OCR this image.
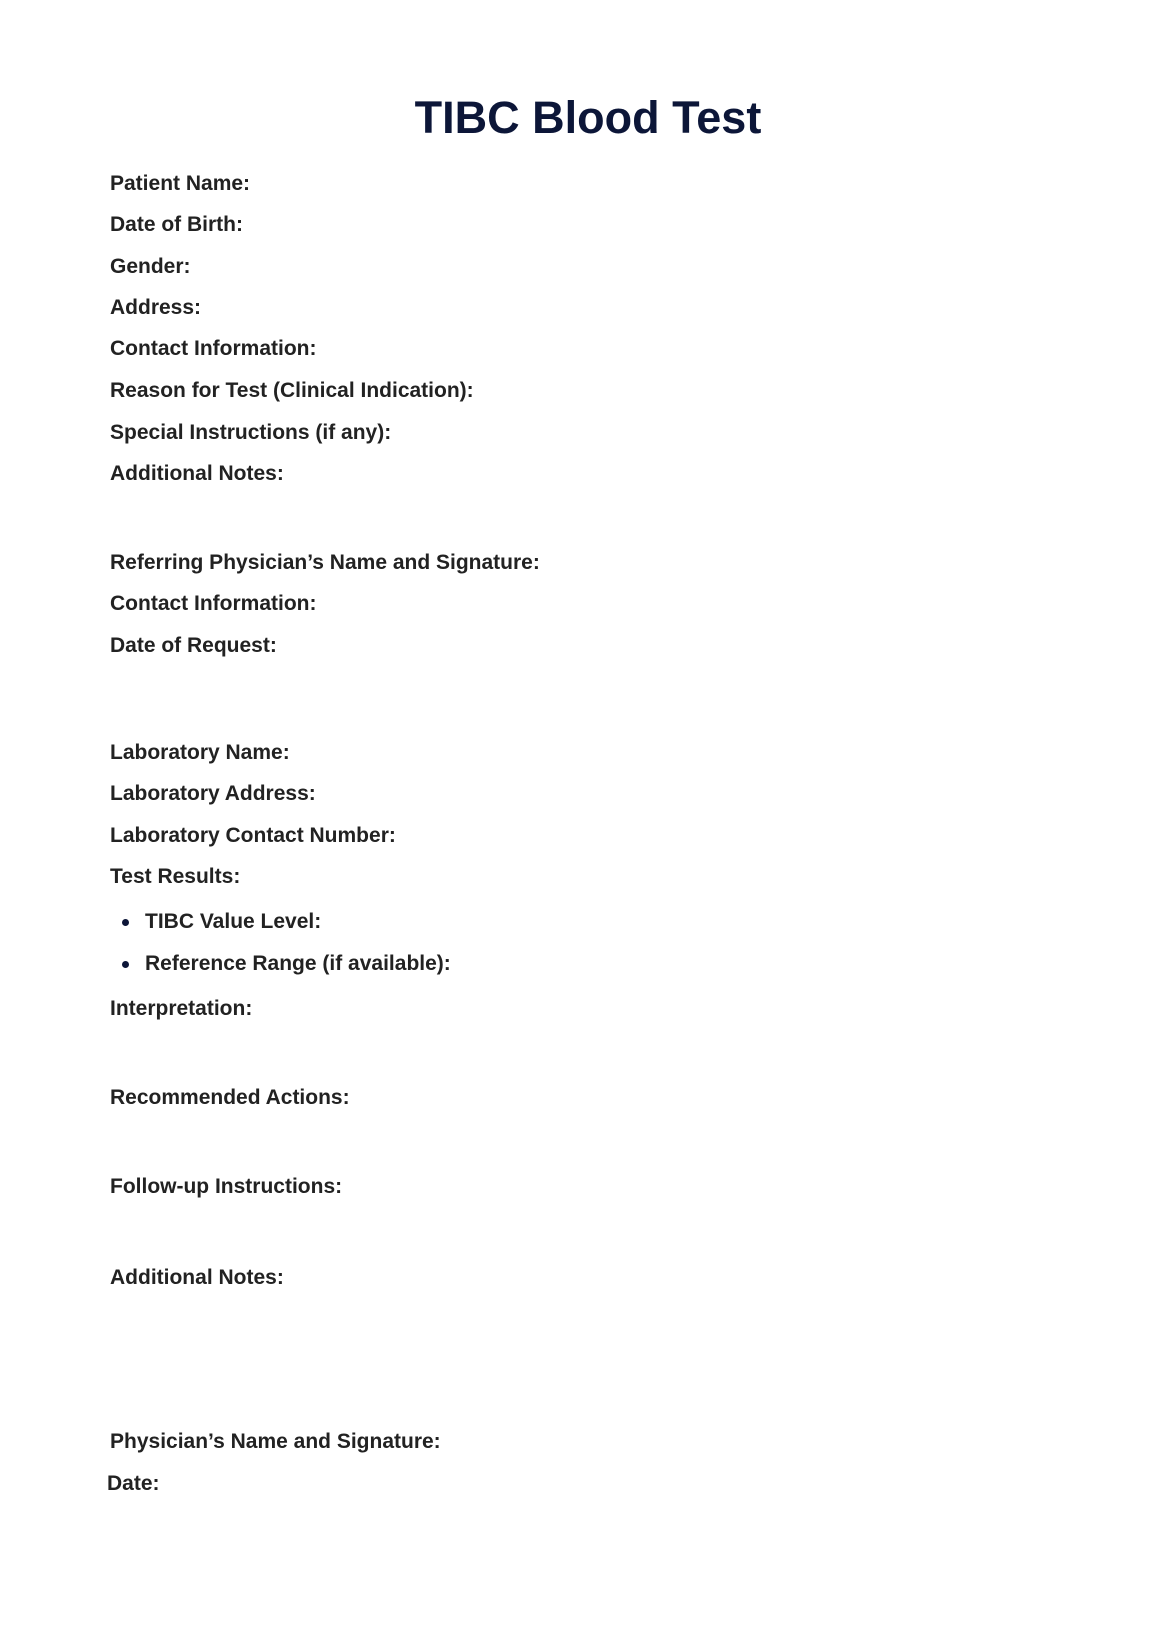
TIBC Blood Test
Patient Name:
Date of Birth:
Gender:
Address:
Contact Information:
Reason for Test (Clinical Indication):
Special Instructions (if any):
Additional Notes:
Referring Physician’s Name and Signature:
Contact Information:
Date of Request:
Laboratory Name:
Laboratory Address:
Laboratory Contact Number:
Test Results:
TIBC Value Level:
Reference Range (if available):
Interpretation:
Recommended Actions:
Follow-up Instructions:
Additional Notes:
Physician’s Name and Signature:
Date:
